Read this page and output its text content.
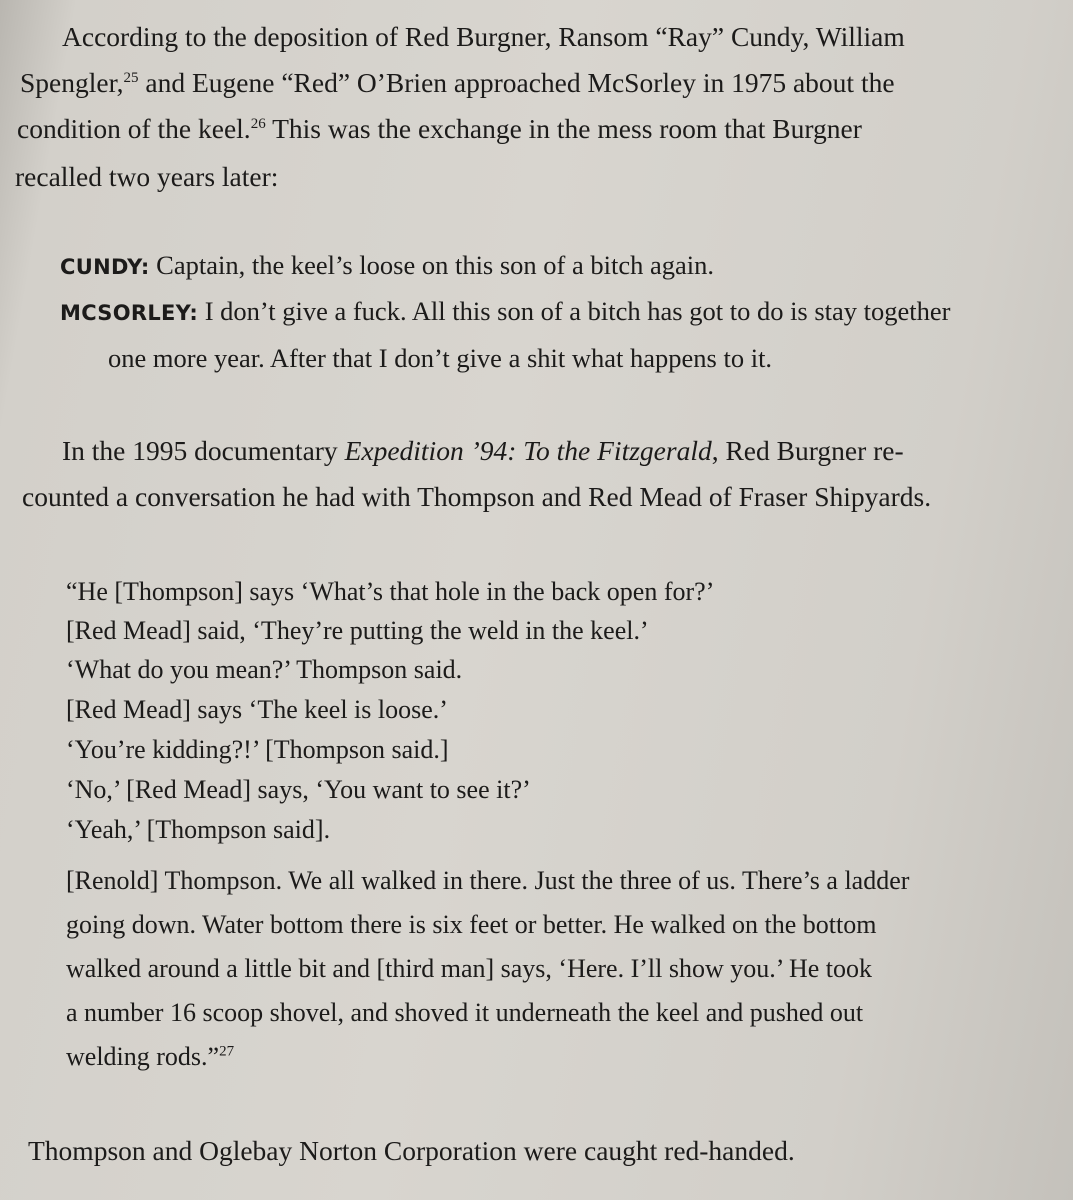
According to the deposition of Red Burgner, Ransom “Ray” Cundy, William
Spengler,$^{25}$ and Eugene “Red” O’Brien approached McSorley in 1975 about the
condition of the keel.$^{26}$ This was the exchange in the mess room that Burgner
recalled two years later:
CUNDY: Captain, the keel’s loose on this son of a bitch again.
MCSORLEY: I don’t give a fuck. All this son of a bitch has got to do is stay together
one more year. After that I don’t give a shit what happens to it.
In the 1995 documentary Expedition ’94: To the Fitzgerald, Red Burgner re-
counted a conversation he had with Thompson and Red Mead of Fraser Shipyards.
“He [Thompson] says ‘What’s that hole in the back open for?’
[Red Mead] said, ‘They’re putting the weld in the keel.’
‘What do you mean?’ Thompson said.
[Red Mead] says ‘The keel is loose.’
‘You’re kidding?!’ [Thompson said.]
‘No,’ [Red Mead] says, ‘You want to see it?’
‘Yeah,’ [Thompson said].
[Renold] Thompson. We all walked in there. Just the three of us. There’s a ladder
going down. Water bottom there is six feet or better. He walked on the bottom
walked around a little bit and [third man] says, ‘Here. I’ll show you.’ He took
a number 16 scoop shovel, and shoved it underneath the keel and pushed out
welding rods.”$^{27}$
Thompson and Oglebay Norton Corporation were caught red-handed.
